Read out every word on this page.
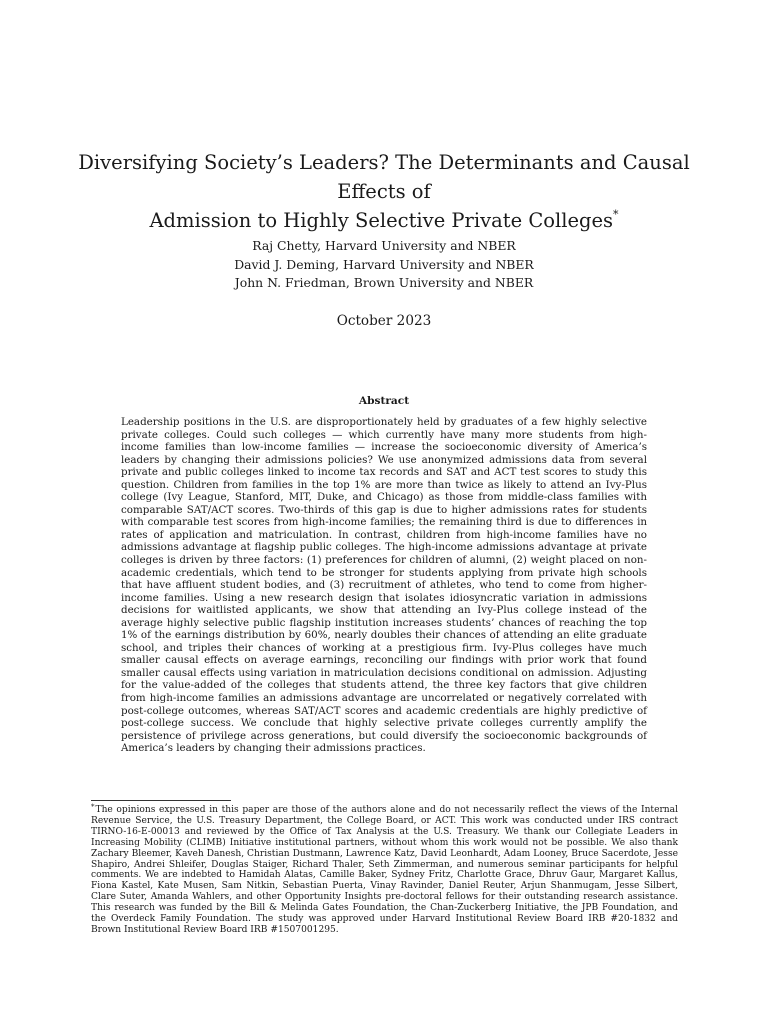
Diversifying Society’s Leaders? The Determinants and Causal Effects of
Admission to Highly Selective Private Colleges*
Raj Chetty, Harvard University and NBER
David J. Deming, Harvard University and NBER
John N. Friedman, Brown University and NBER
October 2023
Abstract

Leadership positions in the U.S. are disproportionately held by graduates of a few highly selective private colleges. Could such colleges — which currently have many more students from high-income families than low-income families — increase the socioeconomic diversity of America’s leaders by changing their admissions policies? We use anonymized admissions data from several private and public colleges linked to income tax records and SAT and ACT test scores to study this question. Children from families in the top 1% are more than twice as likely to attend an Ivy-Plus college (Ivy League, Stanford, MIT, Duke, and Chicago) as those from middle-class families with comparable SAT/ACT scores. Two-thirds of this gap is due to higher admissions rates for students with comparable test scores from high-income families; the remaining third is due to differences in rates of application and matriculation. In contrast, children from high-income families have no admissions advantage at flagship public colleges. The high-income admissions advantage at private colleges is driven by three factors: (1) preferences for children of alumni, (2) weight placed on non-academic credentials, which tend to be stronger for students applying from private high schools that have affluent student bodies, and (3) recruitment of athletes, who tend to come from higher-income families. Using a new research design that isolates idiosyncratic variation in admissions decisions for waitlisted applicants, we show that attending an Ivy-Plus college instead of the average highly selective public flagship institution increases students’ chances of reaching the top 1% of the earnings distribution by 60%, nearly doubles their chances of attending an elite graduate school, and triples their chances of working at a prestigious firm. Ivy-Plus colleges have much smaller causal effects on average earnings, reconciling our findings with prior work that found smaller causal effects using variation in matriculation decisions conditional on admission. Adjusting for the value-added of the colleges that students attend, the three key factors that give children from high-income families an admissions advantage are uncorrelated or negatively correlated with post-college outcomes, whereas SAT/ACT scores and academic credentials are highly predictive of post-college success. We conclude that highly selective private colleges currently amplify the persistence of privilege across generations, but could diversify the socioeconomic backgrounds of America’s leaders by changing their admissions practices.

*The opinions expressed in this paper are those of the authors alone and do not necessarily reflect the views of the Internal Revenue Service, the U.S. Treasury Department, the College Board, or ACT. This work was conducted under IRS contract TIRNO-16-E-00013 and reviewed by the Office of Tax Analysis at the U.S. Treasury. We thank our Collegiate Leaders in Increasing Mobility (CLIMB) Initiative institutional partners, without whom this work would not be possible. We also thank Zachary Bleemer, Kaveh Danesh, Christian Dustmann, Lawrence Katz, David Leonhardt, Adam Looney, Bruce Sacerdote, Jesse Shapiro, Andrei Shleifer, Douglas Staiger, Richard Thaler, Seth Zimmerman, and numerous seminar participants for helpful comments. We are indebted to Hamidah Alatas, Camille Baker, Sydney Fritz, Charlotte Grace, Dhruv Gaur, Margaret Kallus, Fiona Kastel, Kate Musen, Sam Nitkin, Sebastian Puerta, Vinay Ravinder, Daniel Reuter, Arjun Shanmugam, Jesse Silbert, Clare Suter, Amanda Wahlers, and other Opportunity Insights pre-doctoral fellows for their outstanding research assistance. This research was funded by the Bill & Melinda Gates Foundation, the Chan-Zuckerberg Initiative, the JPB Foundation, and the Overdeck Family Foundation. The study was approved under Harvard Institutional Review Board IRB #20-1832 and Brown Institutional Review Board IRB #1507001295.
